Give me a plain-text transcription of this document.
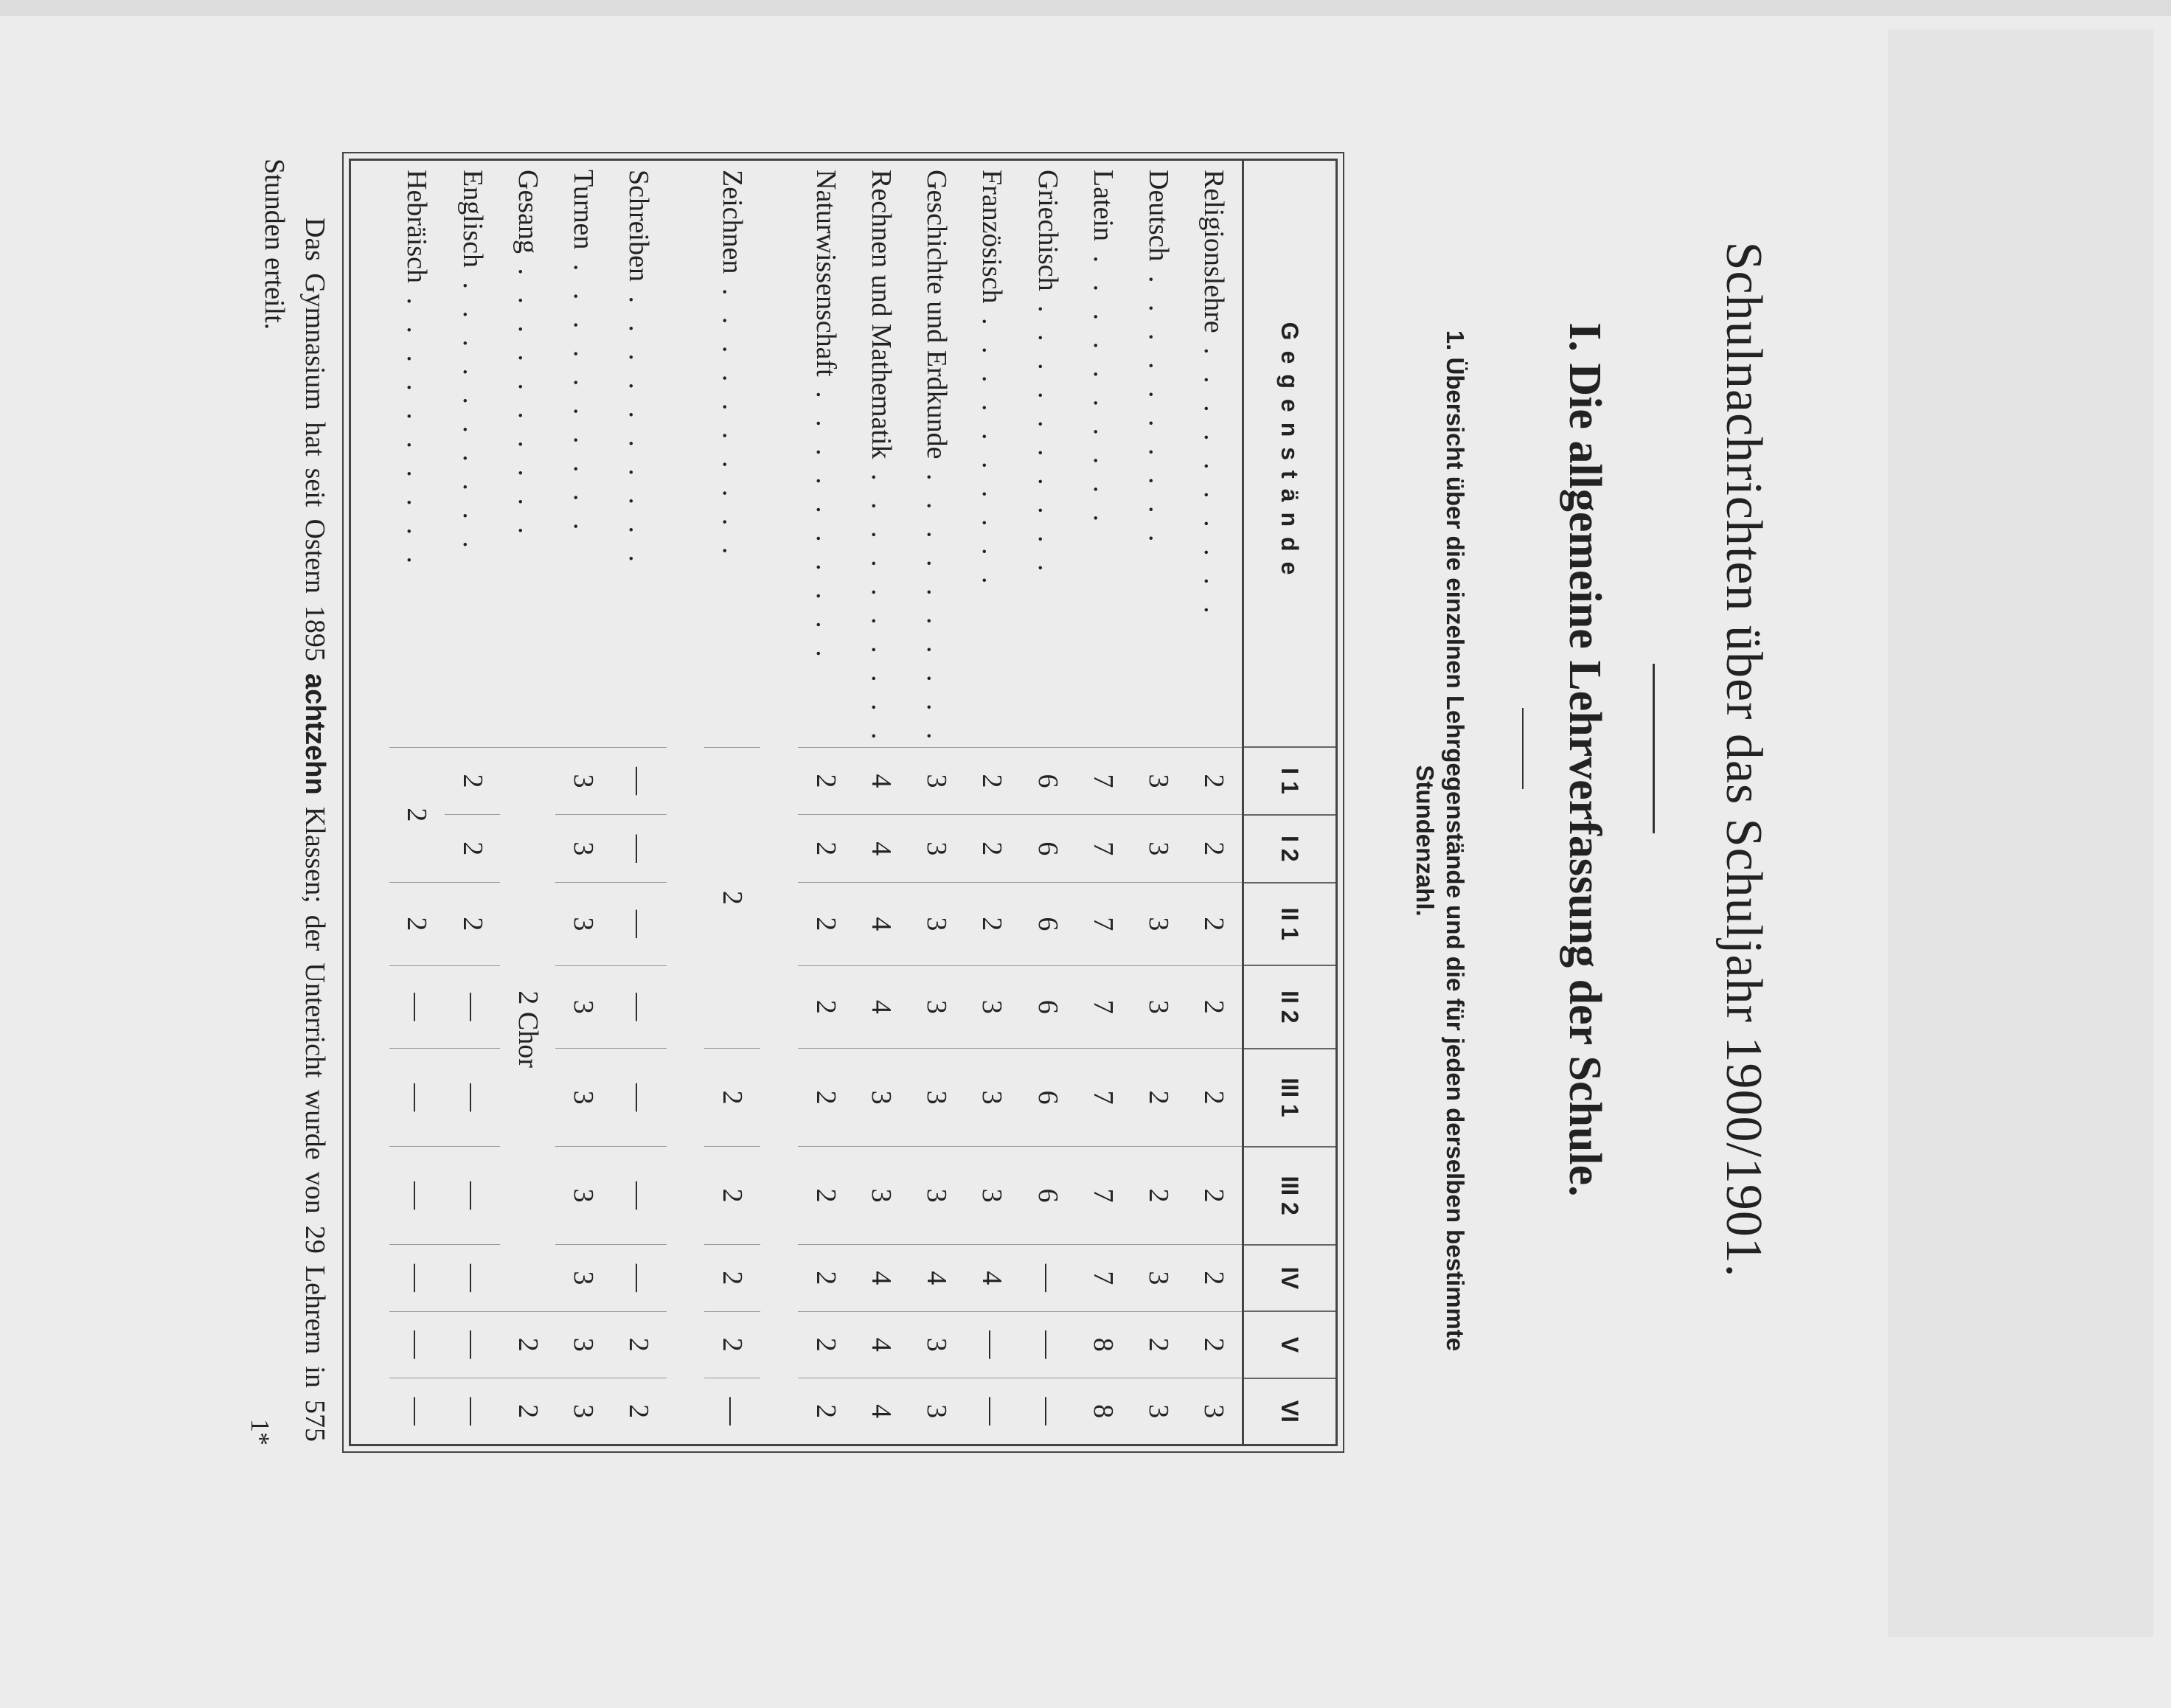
Schulnachrichten über das Schuljahr 1900/1901.
I. Die allgemeine Lehrverfassung der Schule.
1. Übersicht über die einzelnen Lehrgegenstände und die für jeden derselben bestimmte Stundenzahl.
Gegenstände	I 1	I 2	II 1	II 2	III 1	III 2	IV	V	VI
Religionslehre . . .	2	2	2	2	2	2	2	2	3
Deutsch . . .	3	3	3	3	2	2	3	2	3
Latein . . .	7	7	7	7	7	7	7	8	8
Griechisch . . .	6	6	6	6	6	6	—	—	—
Französisch . . .	2	2	2	3	3	3	4	—	—
Geschichte und Erdkunde . . .	3	3	3	3	3	3	4	3	3
Rechnen und Mathematik . . .	4	4	4	4	3	3	4	4	4
Naturwissenschaft . . .	2	2	2	2	2	2	2	2	2

Zeichnen . . .	2				2	2	2	2	—

Schreiben . . .	—	—	—	—	—	—	—	2	2
Turnen . . .	3	3	3	3	3	3	3	3	3
Gesang . . .	2 Chor							2	2
Englisch . . .	2	2	2	—	—	—	—	—	—
Hebräisch . . .	2		2	—	—	—	—	—	—

Das Gymnasium hat seit Ostern 1895 achtzehn Klassen; der Unterricht wurde von 29 Lehrern in 575 Stunden erteilt.
1*
